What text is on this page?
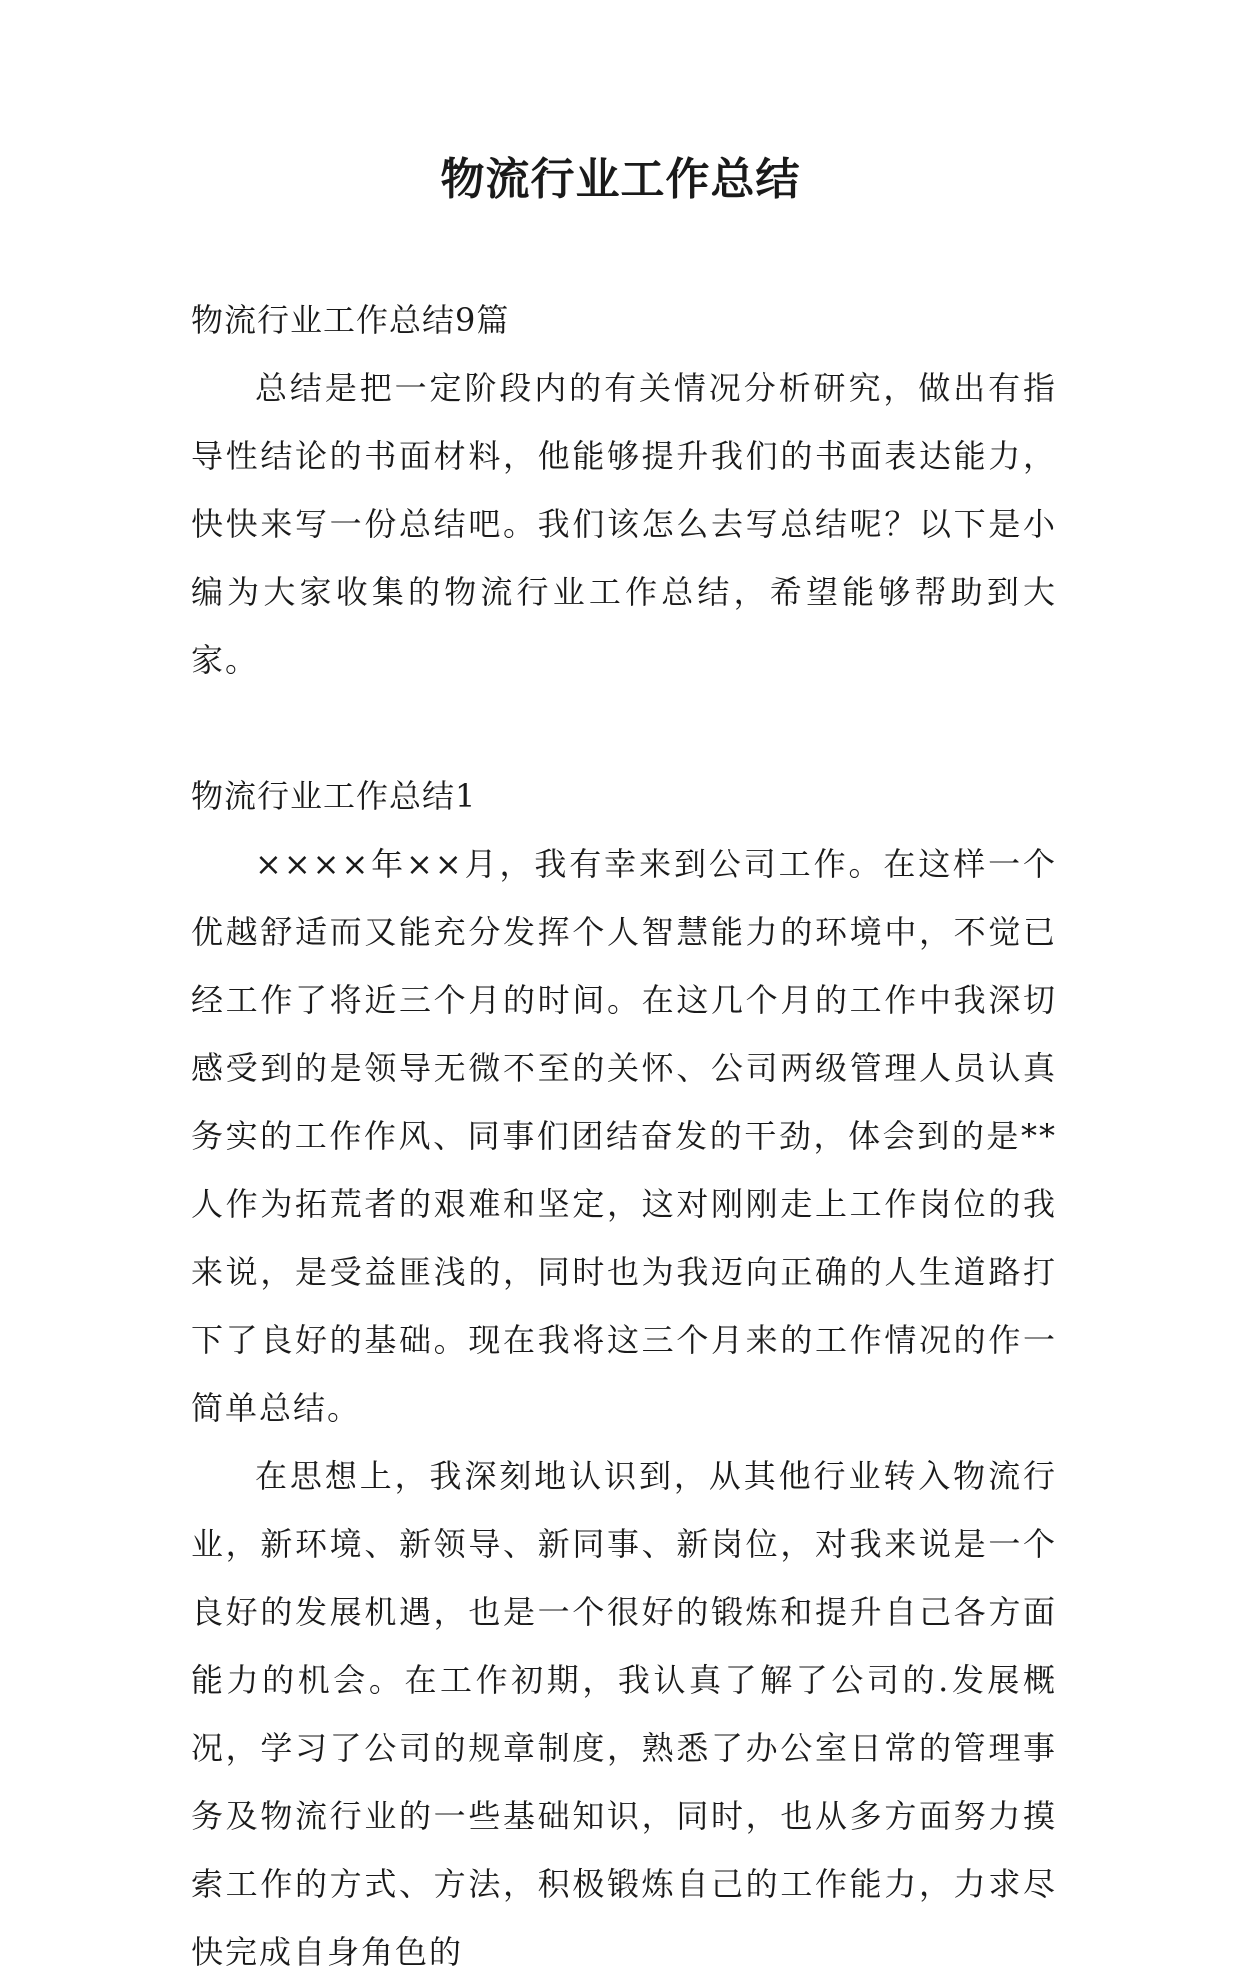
物流行业工作总结

物流行业工作总结9篇

总结是把一定阶段内的有关情况分析研究，做出有指导性结论的书面材料，他能够提升我们的书面表达能力，快快来写一份总结吧。我们该怎么去写总结呢？以下是小编为大家收集的物流行业工作总结，希望能够帮助到大家。

物流行业工作总结1

××××年××月，我有幸来到公司工作。在这样一个优越舒适而又能充分发挥个人智慧能力的环境中，不觉已经工作了将近三个月的时间。在这几个月的工作中我深切感受到的是领导无微不至的关怀、公司两级管理人员认真务实的工作作风、同事们团结奋发的干劲，体会到的是**人作为拓荒者的艰难和坚定，这对刚刚走上工作岗位的我来说，是受益匪浅的，同时也为我迈向正确的人生道路打下了良好的基础。现在我将这三个月来的工作情况的作一简单总结。

在思想上，我深刻地认识到，从其他行业转入物流行业，新环境、新领导、新同事、新岗位，对我来说是一个良好的发展机遇，也是一个很好的锻炼和提升自己各方面能力的机会。在工作初期，我认真了解了公司的.发展概况，学习了公司的规章制度，熟悉了办公室日常的管理事务及物流行业的一些基础知识，同时，也从多方面努力摸索工作的方式、方法，积极锻炼自己的工作能力，力求尽快完成自身角色的
